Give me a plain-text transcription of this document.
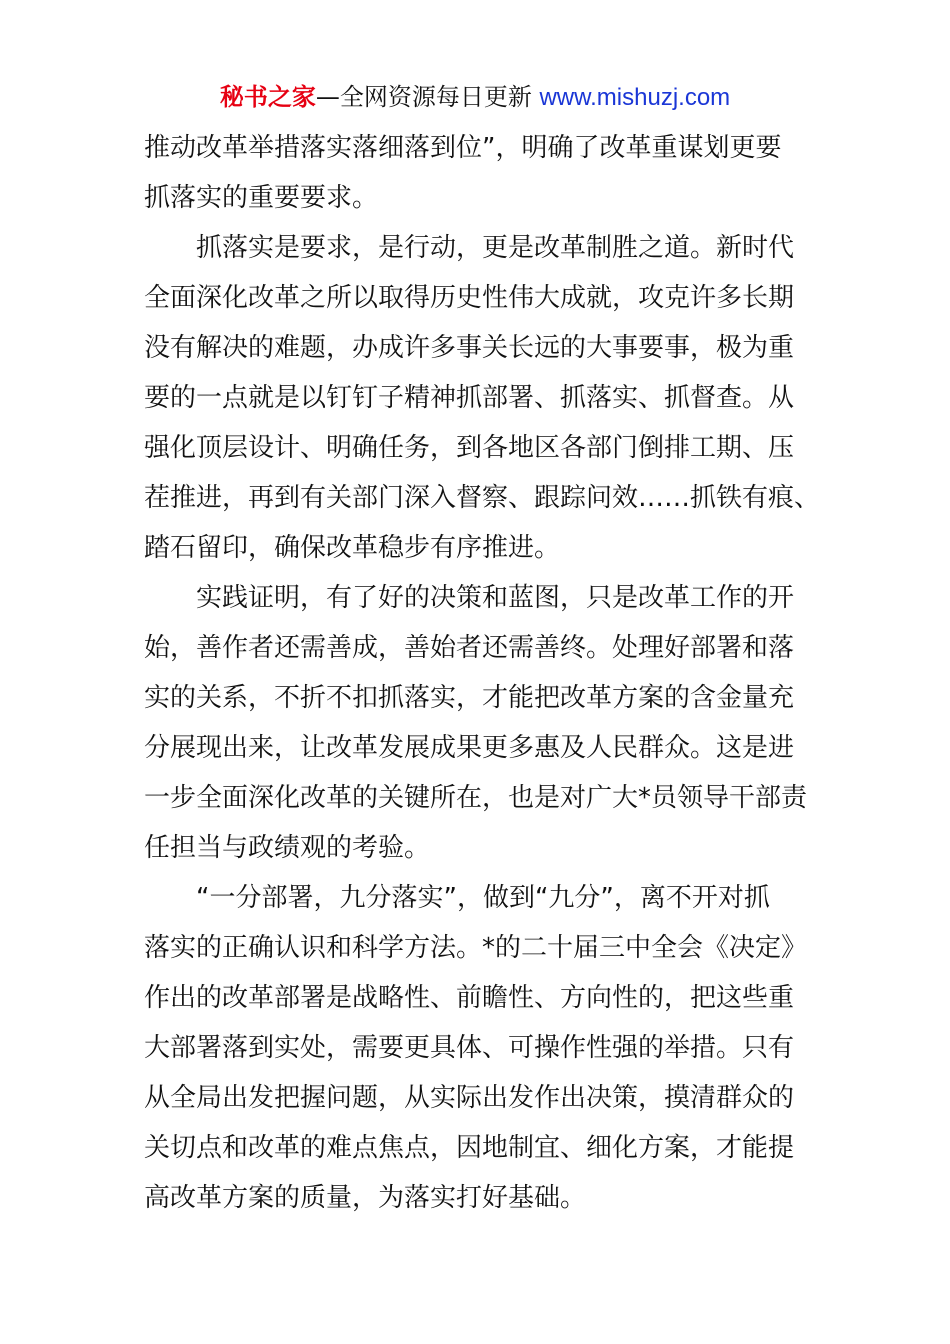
秘书之家—全网资源每日更新 www.mishuzj.com
推动改革举措落实落细落到位”，明确了改革重谋划更要
抓落实的重要要求。
抓落实是要求，是行动，更是改革制胜之道。新时代
全面深化改革之所以取得历史性伟大成就，攻克许多长期
没有解决的难题，办成许多事关长远的大事要事，极为重
要的一点就是以钉钉子精神抓部署、抓落实、抓督查。从
强化顶层设计、明确任务，到各地区各部门倒排工期、压
茬推进，再到有关部门深入督察、跟踪问效……抓铁有痕、
踏石留印，确保改革稳步有序推进。
实践证明，有了好的决策和蓝图，只是改革工作的开
始，善作者还需善成，善始者还需善终。处理好部署和落
实的关系，不折不扣抓落实，才能把改革方案的含金量充
分展现出来，让改革发展成果更多惠及人民群众。这是进
一步全面深化改革的关键所在，也是对广大*员领导干部责
任担当与政绩观的考验。
“一分部署，九分落实”，做到“九分”，离不开对抓
落实的正确认识和科学方法。*的二十届三中全会《决定》
作出的改革部署是战略性、前瞻性、方向性的，把这些重
大部署落到实处，需要更具体、可操作性强的举措。只有
从全局出发把握问题，从实际出发作出决策，摸清群众的
关切点和改革的难点焦点，因地制宜、细化方案，才能提
高改革方案的质量，为落实打好基础。
